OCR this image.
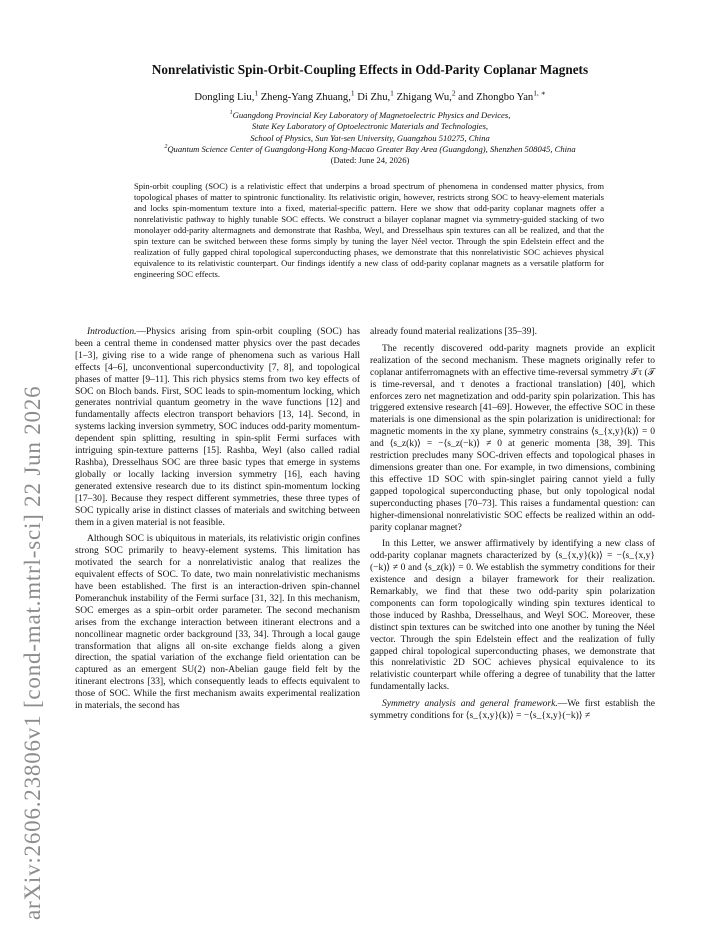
arXiv:2606.23806v1 [cond-mat.mtrl-sci] 22 Jun 2026
Nonrelativistic Spin-Orbit-Coupling Effects in Odd-Parity Coplanar Magnets
Dongling Liu,$^1$ Zheng-Yang Zhuang,$^1$ Di Zhu,$^1$ Zhigang Wu,$^2$ and Zhongbo Yan$^{1, ∗}$
$^1$Guangdong Provincial Key Laboratory of Magnetoelectric Physics and Devices,
State Key Laboratory of Optoelectronic Materials and Technologies,
School of Physics, Sun Yat-sen University, Guangzhou 510275, China
$^2$Quantum Science Center of Guangdong-Hong Kong-Macao Greater Bay Area (Guangdong), Shenzhen 508045, China
(Dated: June 24, 2026)
Spin-orbit coupling (SOC) is a relativistic effect that underpins a broad spectrum of phenomena in condensed matter physics, from topological phases of matter to spintronic functionality. Its relativistic origin, however, restricts strong SOC to heavy-element materials and locks spin-momentum texture into a fixed, material-specific pattern. Here we show that odd-parity coplanar magnets offer a nonrelativistic pathway to highly tunable SOC effects. We construct a bilayer coplanar magnet via symmetry-guided stacking of two monolayer odd-parity altermagnets and demonstrate that Rashba, Weyl, and Dresselhaus spin textures can all be realized, and that the spin texture can be switched between these forms simply by tuning the layer Néel vector. Through the spin Edelstein effect and the realization of fully gapped chiral topological superconducting phases, we demonstrate that this nonrelativistic SOC achieves physical equivalence to its relativistic counterpart. Our findings identify a new class of odd-parity coplanar magnets as a versatile platform for engineering SOC effects.

Introduction.—Physics arising from spin-orbit coupling (SOC) has been a central theme in condensed matter physics over the past decades [1–3], giving rise to a wide range of phenomena such as various Hall effects [4–6], unconventional superconductivity [7, 8], and topological phases of matter [9–11]. This rich physics stems from two key effects of SOC on Bloch bands. First, SOC leads to spin-momentum locking, which generates nontrivial quantum geometry in the wave functions [12] and fundamentally affects electron transport behaviors [13, 14]. Second, in systems lacking inversion symmetry, SOC induces odd-parity momentum-dependent spin splitting, resulting in spin-split Fermi surfaces with intriguing spin-texture patterns [15]. Rashba, Weyl (also called radial Rashba), Dresselhaus SOC are three basic types that emerge in systems globally or locally lacking inversion symmetry [16], each having generated extensive research due to its distinct spin-momentum locking [17–30]. Because they respect different symmetries, these three types of SOC typically arise in distinct classes of materials and switching between them in a given material is not feasible.

Although SOC is ubiquitous in materials, its relativistic origin confines strong SOC primarily to heavy-element systems. This limitation has motivated the search for a nonrelativistic analog that realizes the equivalent effects of SOC. To date, two main nonrelativistic mechanisms have been established. The first is an interaction-driven spin-channel Pomeranchuk instability of the Fermi surface [31, 32]. In this mechanism, SOC emerges as a spin–orbit order parameter. The second mechanism arises from the exchange interaction between itinerant electrons and a noncollinear magnetic order background [33, 34]. Through a local gauge transformation that aligns all on-site exchange fields along a given direction, the spatial variation of the exchange field orientation can be captured as an emergent SU(2) non-Abelian gauge field felt by the itinerant electrons [33], which consequently leads to effects equivalent to those of SOC. While the first mechanism awaits experimental realization in materials, the second has

already found material realizations [35–39].

The recently discovered odd-parity magnets provide an explicit realization of the second mechanism. These magnets originally refer to coplanar antiferromagnets with an effective time-reversal symmetry 𝒯τ (𝒯 is time-reversal, and τ denotes a fractional translation) [40], which enforces zero net magnetization and odd-parity spin polarization. This has triggered extensive research [41–69]. However, the effective SOC in these materials is one dimensional as the spin polarization is unidirectional: for magnetic moments in the xy plane, symmetry constrains ⟨s_{x,y}(k)⟩ = 0 and ⟨s_z(k)⟩ = −⟨s_z(−k)⟩ ≠ 0 at generic momenta [38, 39]. This restriction precludes many SOC-driven effects and topological phases in dimensions greater than one. For example, in two dimensions, combining this effective 1D SOC with spin-singlet pairing cannot yield a fully gapped topological superconducting phase, but only topological nodal superconducting phases [70–73]. This raises a fundamental question: can higher-dimensional nonrelativistic SOC effects be realized within an odd-parity coplanar magnet?

In this Letter, we answer affirmatively by identifying a new class of odd-parity coplanar magnets characterized by ⟨s_{x,y}(k)⟩ = −⟨s_{x,y}(−k)⟩ ≠ 0 and ⟨s_z(k)⟩ = 0. We establish the symmetry conditions for their existence and design a bilayer framework for their realization. Remarkably, we find that these two odd-parity spin polarization components can form topologically winding spin textures identical to those induced by Rashba, Dresselhaus, and Weyl SOC. Moreover, these distinct spin textures can be switched into one another by tuning the Néel vector. Through the spin Edelstein effect and the realization of fully gapped chiral topological superconducting phases, we demonstrate that this nonrelativistic 2D SOC achieves physical equivalence to its relativistic counterpart while offering a degree of tunability that the latter fundamentally lacks.

Symmetry analysis and general framework.—We first establish the symmetry conditions for ⟨s_{x,y}(k)⟩ = −⟨s_{x,y}(−k)⟩ ≠
